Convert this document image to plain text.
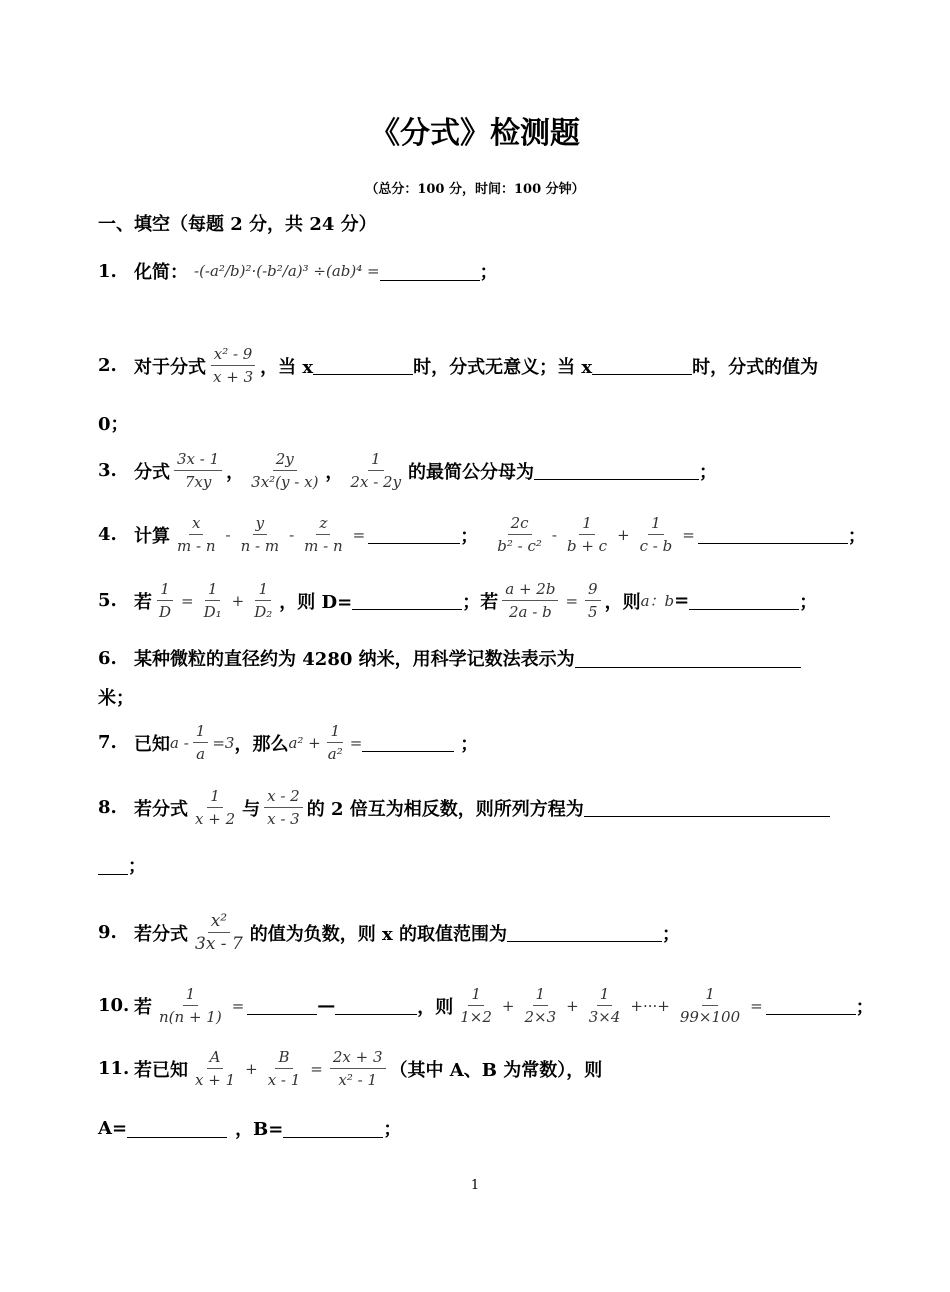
《分式》检测题
（总分：100 分，时间：100 分钟）
一、填空（每题 2 分，共 24 分）
1. 化简： -(-a²/b)²·(-b²/a)³ ÷(ab)⁴ =	；
2. 对于分式 $\frac{\text{x² - 9}}{x + 3}$ ，当 x	时，分式无意义；当 x	时，分式的值为
0；
3. 分式 $\frac{3x - 1}{7xy}$ ， $\frac{2y}{\text{3x²(y - x)}}$ ， $\frac{1}{2x - 2y}$ 的最简公分母为	；
4. 计算 $\frac{x}{m - n} - \frac{y}{n - m} - \frac{z}{m - n}$ =	； $\frac{2c}{\text{b² - c²}} - \frac{1}{b + c} + \frac{1}{c - b}$ =	；
5. 若 $\frac{1}{D} = \frac{1}{\text{D₁}} + \frac{1}{\text{D₂}}$ ，则 D=	；若 $\frac{a + 2b}{2a - b} = \frac{9}{5}$ ，则 a：b =	；
6. 某种微粒的直径约为 4280 纳米，用科学记数法表示为
米；
7. 已知 $a - \frac{1}{a} =3$ ，那么 $a^2 + \frac{1}{\text{a²}}$ =	；
8. 若分式 $\frac{1}{x + 2}$ 与 $\frac{x - 2}{x - 3}$ 的 2 倍互为相反数，则所列方程为
；
9. 若分式 $\frac{\text{x²}}{3x - 7}$ 的值为负数，则 x 的取值范围为	；
10. 若 $\frac{1}{n(n + 1)}$ =	—	，则 $\frac{1}{1\times 2} + \frac{1}{2\times 3} + \frac{1}{3\times 4}$ +···+ $\frac{1}{99\times 100}$ =	；
11. 若已知 $\frac{A}{x + 1} + \frac{B}{x - 1} = \frac{2x + 3}{\text{x² - 1}}$ （其中 A、B 为常数），则
A=	，B=	；
1
